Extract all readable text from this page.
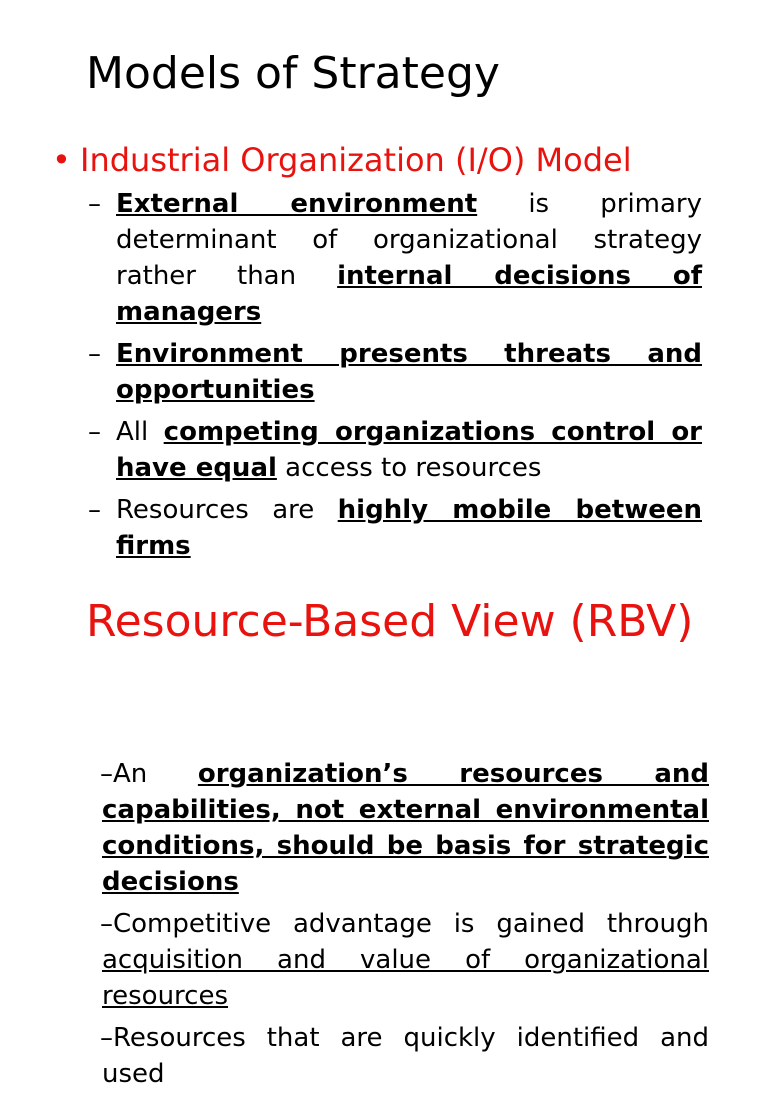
Models of Strategy
• Industrial Organization (I/O) Model
– External environment is primary determinant of organizational strategy rather than internal decisions of managers
– Environment presents threats and opportunities
– All competing organizations control or have equal access to resources
– Resources are highly mobile between firms
Resource-Based View (RBV)
–An organization’s resources and capabilities, not external environmental conditions, should be basis for strategic decisions
–Competitive advantage is gained through acquisition and value of organizational resources
–Resources that are quickly identified and used
